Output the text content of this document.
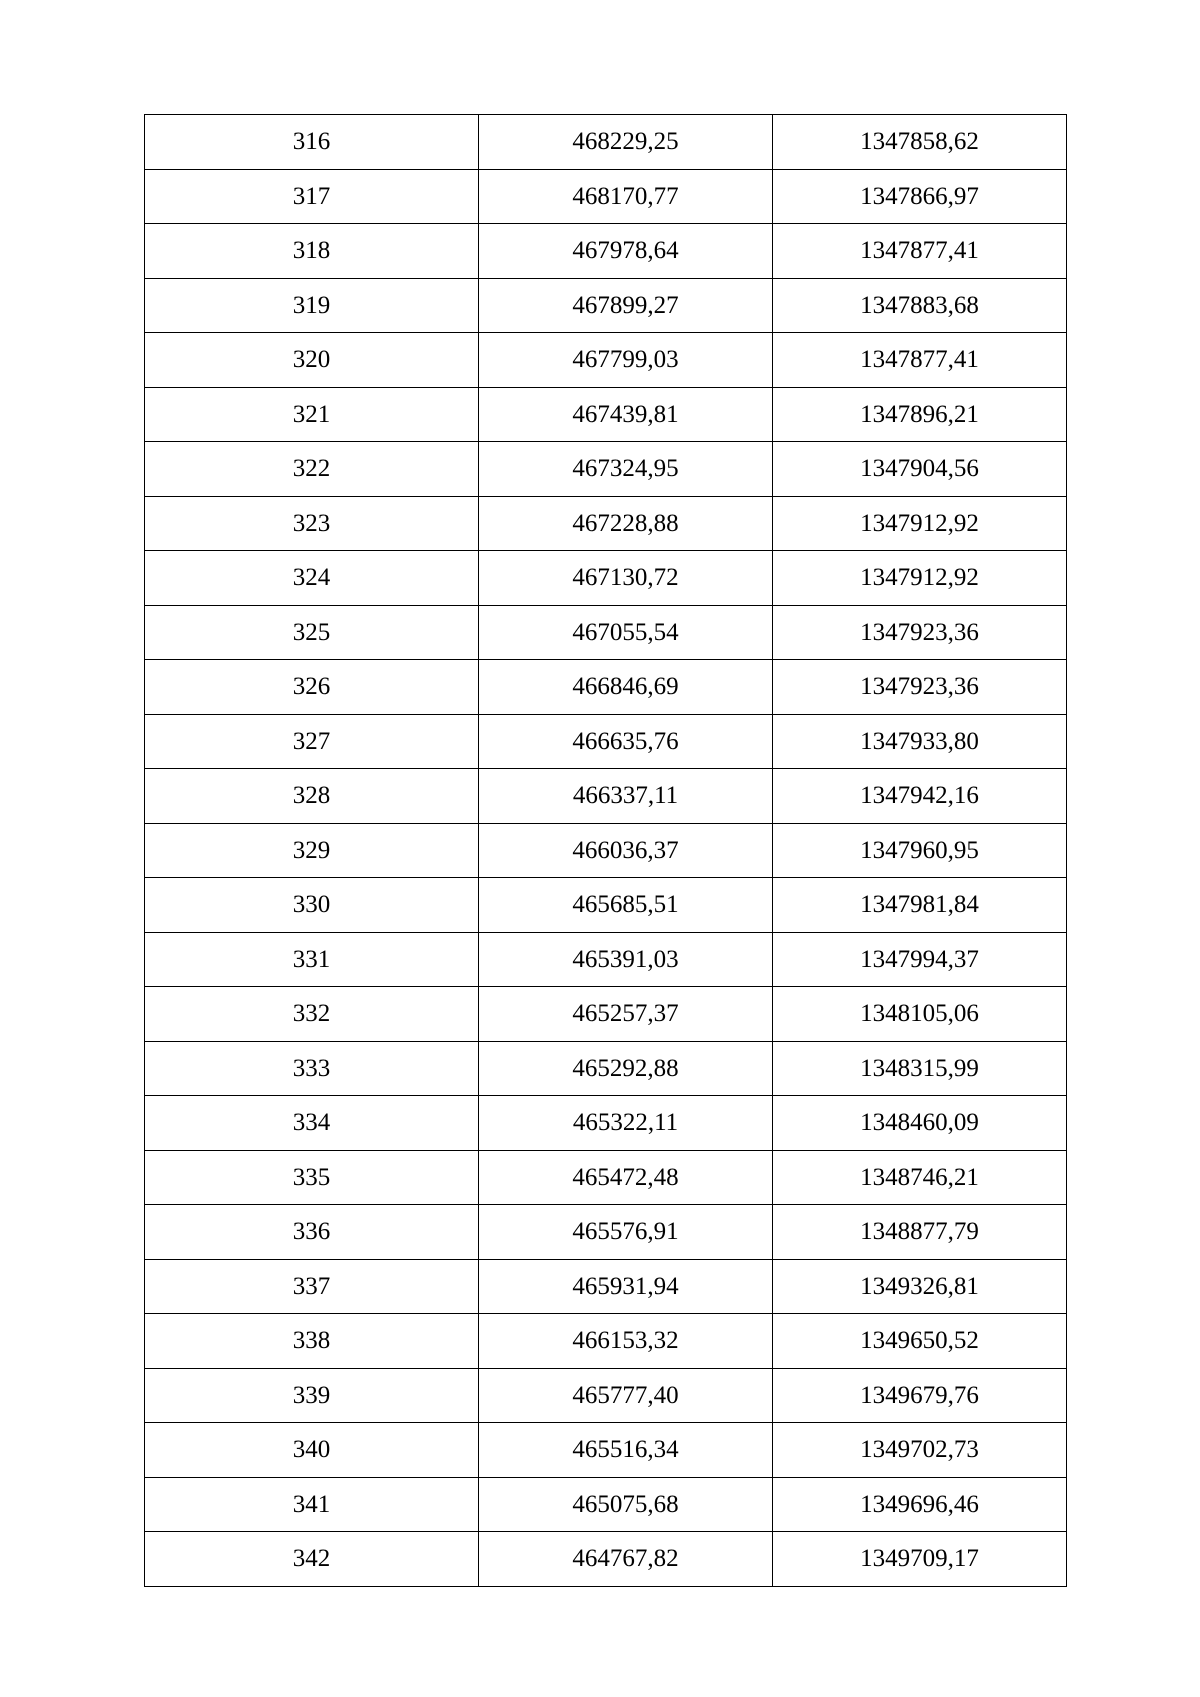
316	468229,25	1347858,62
317	468170,77	1347866,97
318	467978,64	1347877,41
319	467899,27	1347883,68
320	467799,03	1347877,41
321	467439,81	1347896,21
322	467324,95	1347904,56
323	467228,88	1347912,92
324	467130,72	1347912,92
325	467055,54	1347923,36
326	466846,69	1347923,36
327	466635,76	1347933,80
328	466337,11	1347942,16
329	466036,37	1347960,95
330	465685,51	1347981,84
331	465391,03	1347994,37
332	465257,37	1348105,06
333	465292,88	1348315,99
334	465322,11	1348460,09
335	465472,48	1348746,21
336	465576,91	1348877,79
337	465931,94	1349326,81
338	466153,32	1349650,52
339	465777,40	1349679,76
340	465516,34	1349702,73
341	465075,68	1349696,46
342	464767,82	1349709,17
